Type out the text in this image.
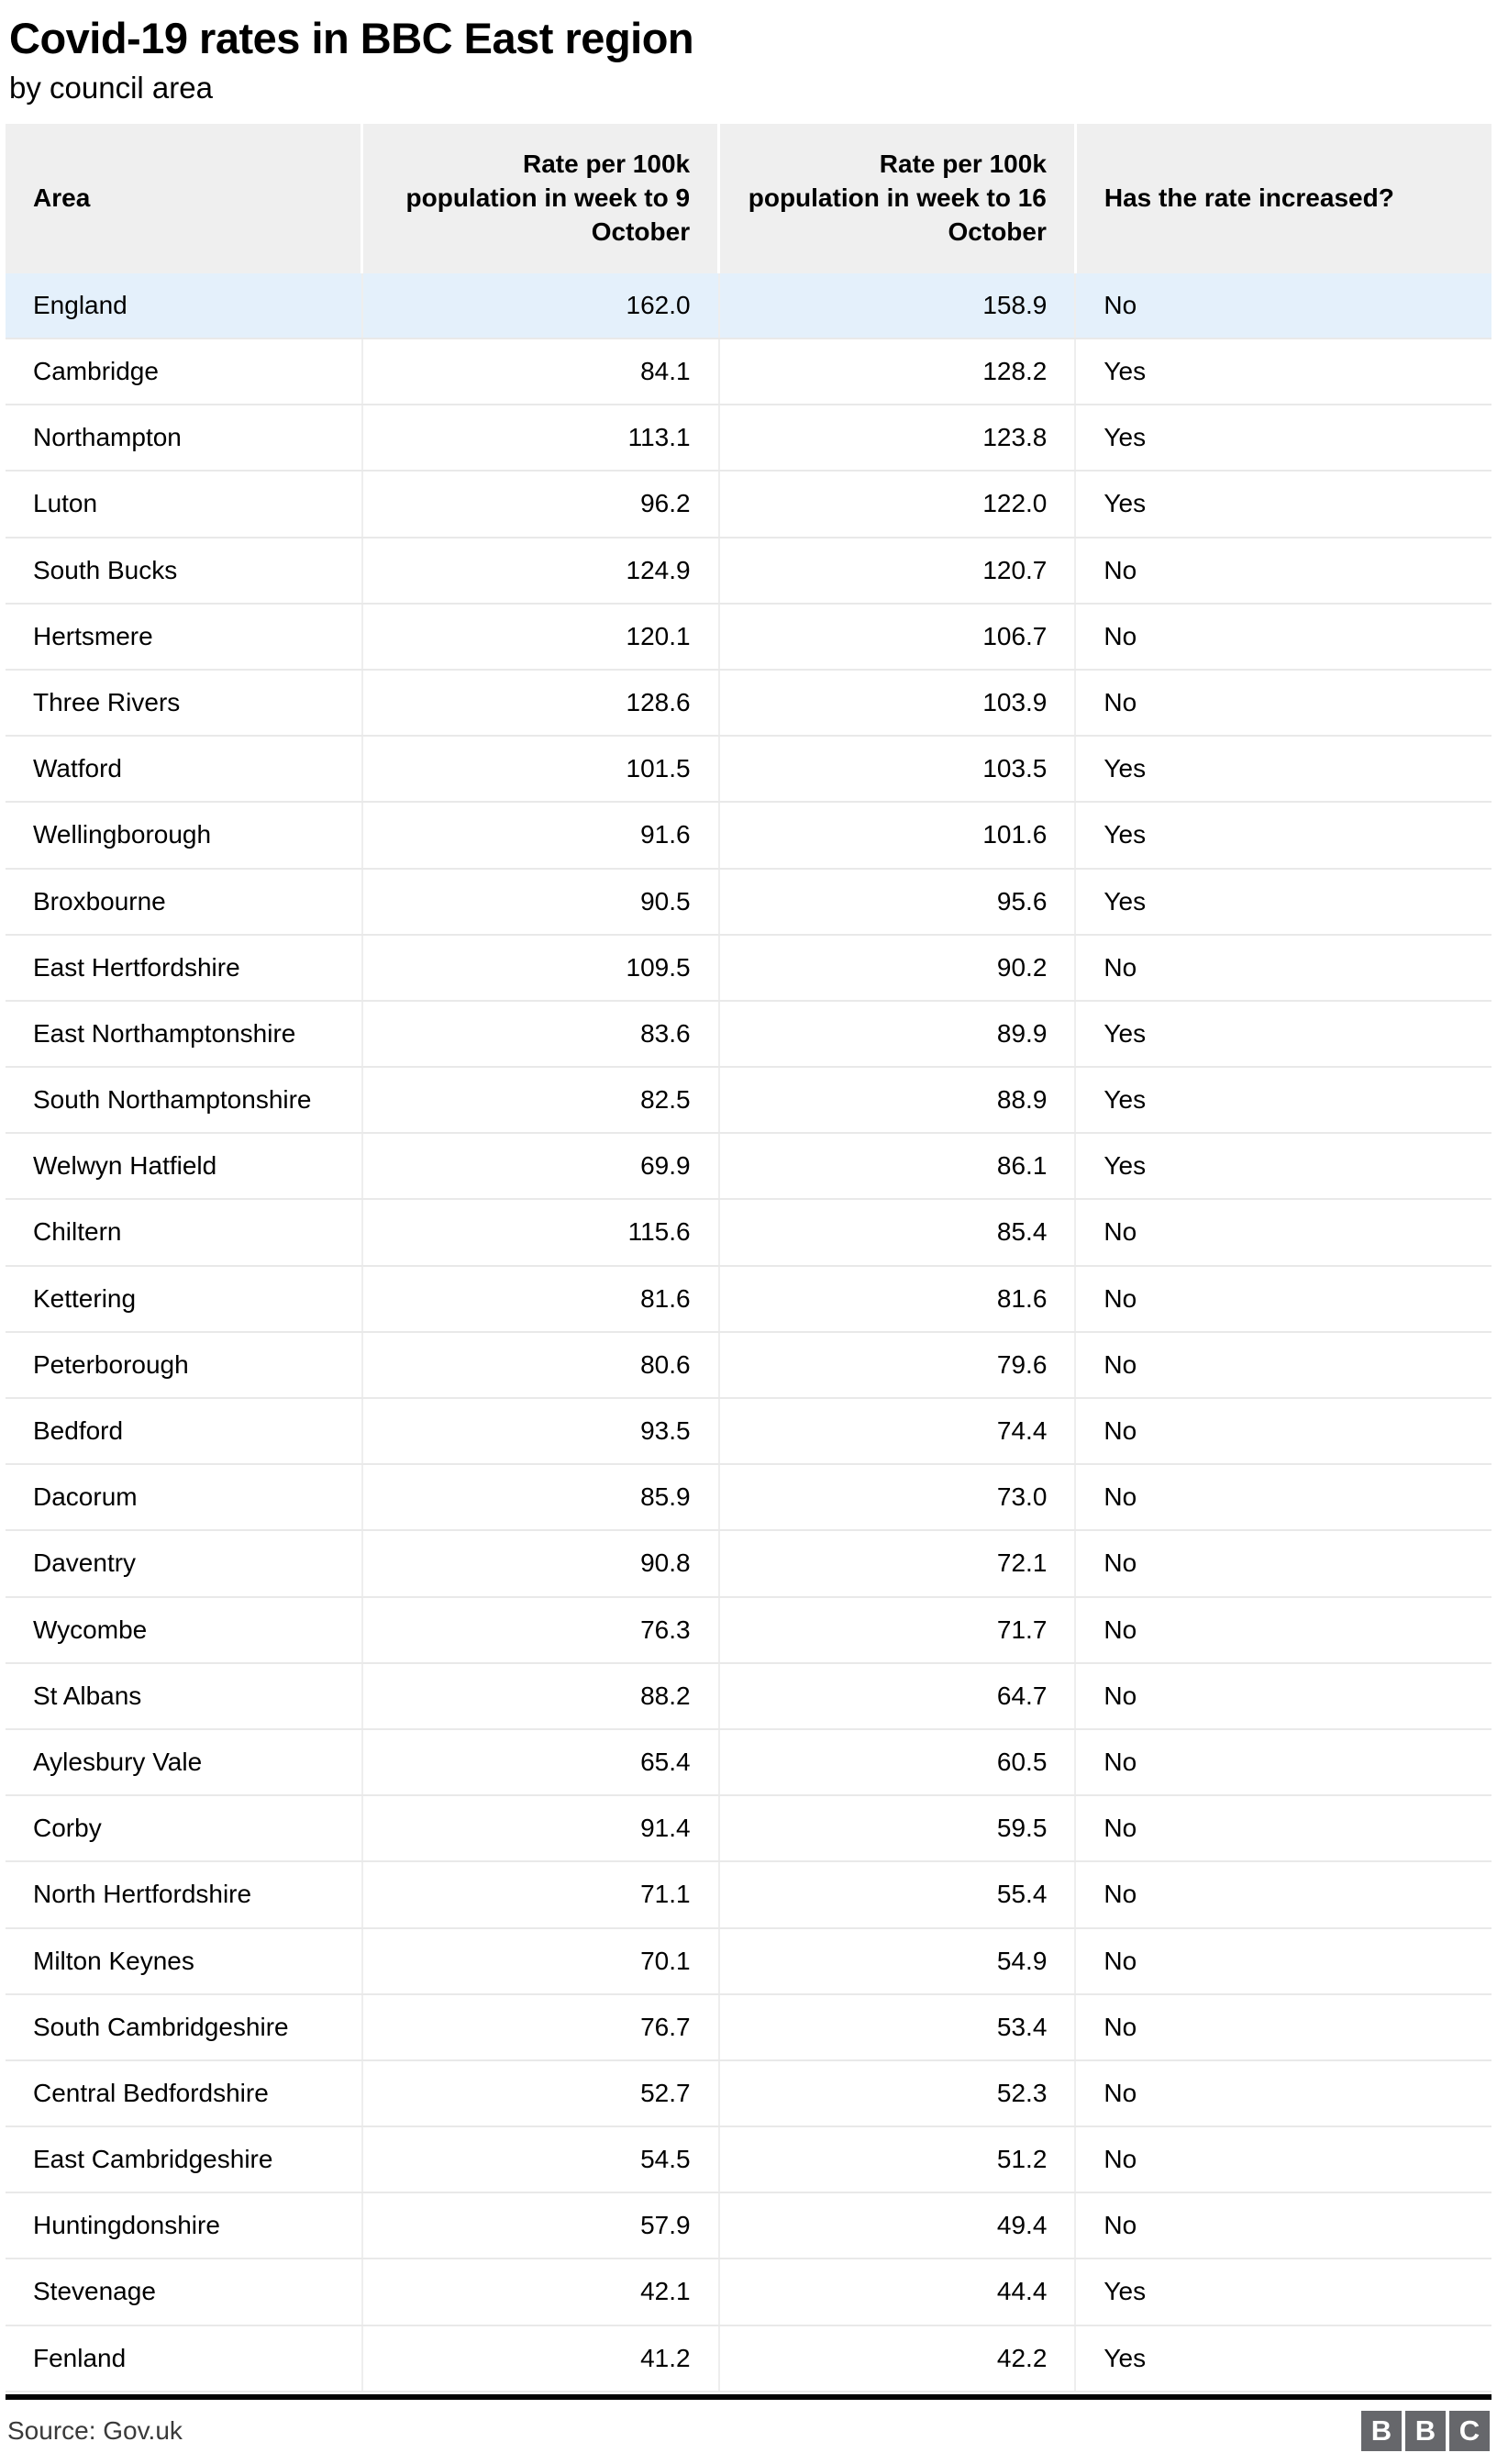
Covid-19 rates in BBC East region
by council area
Area	Rate per 100k population in week to 9 October	Rate per 100k population in week to 16 October	Has the rate increased?
England	162.0	158.9	No
Cambridge	84.1	128.2	Yes
Northampton	113.1	123.8	Yes
Luton	96.2	122.0	Yes
South Bucks	124.9	120.7	No
Hertsmere	120.1	106.7	No
Three Rivers	128.6	103.9	No
Watford	101.5	103.5	Yes
Wellingborough	91.6	101.6	Yes
Broxbourne	90.5	95.6	Yes
East Hertfordshire	109.5	90.2	No
East Northamptonshire	83.6	89.9	Yes
South Northamptonshire	82.5	88.9	Yes
Welwyn Hatfield	69.9	86.1	Yes
Chiltern	115.6	85.4	No
Kettering	81.6	81.6	No
Peterborough	80.6	79.6	No
Bedford	93.5	74.4	No
Dacorum	85.9	73.0	No
Daventry	90.8	72.1	No
Wycombe	76.3	71.7	No
St Albans	88.2	64.7	No
Aylesbury Vale	65.4	60.5	No
Corby	91.4	59.5	No
North Hertfordshire	71.1	55.4	No
Milton Keynes	70.1	54.9	No
South Cambridgeshire	76.7	53.4	No
Central Bedfordshire	52.7	52.3	No
East Cambridgeshire	54.5	51.2	No
Huntingdonshire	57.9	49.4	No
Stevenage	42.1	44.4	Yes
Fenland	41.2	42.2	Yes
Source: Gov.uk	B B C
